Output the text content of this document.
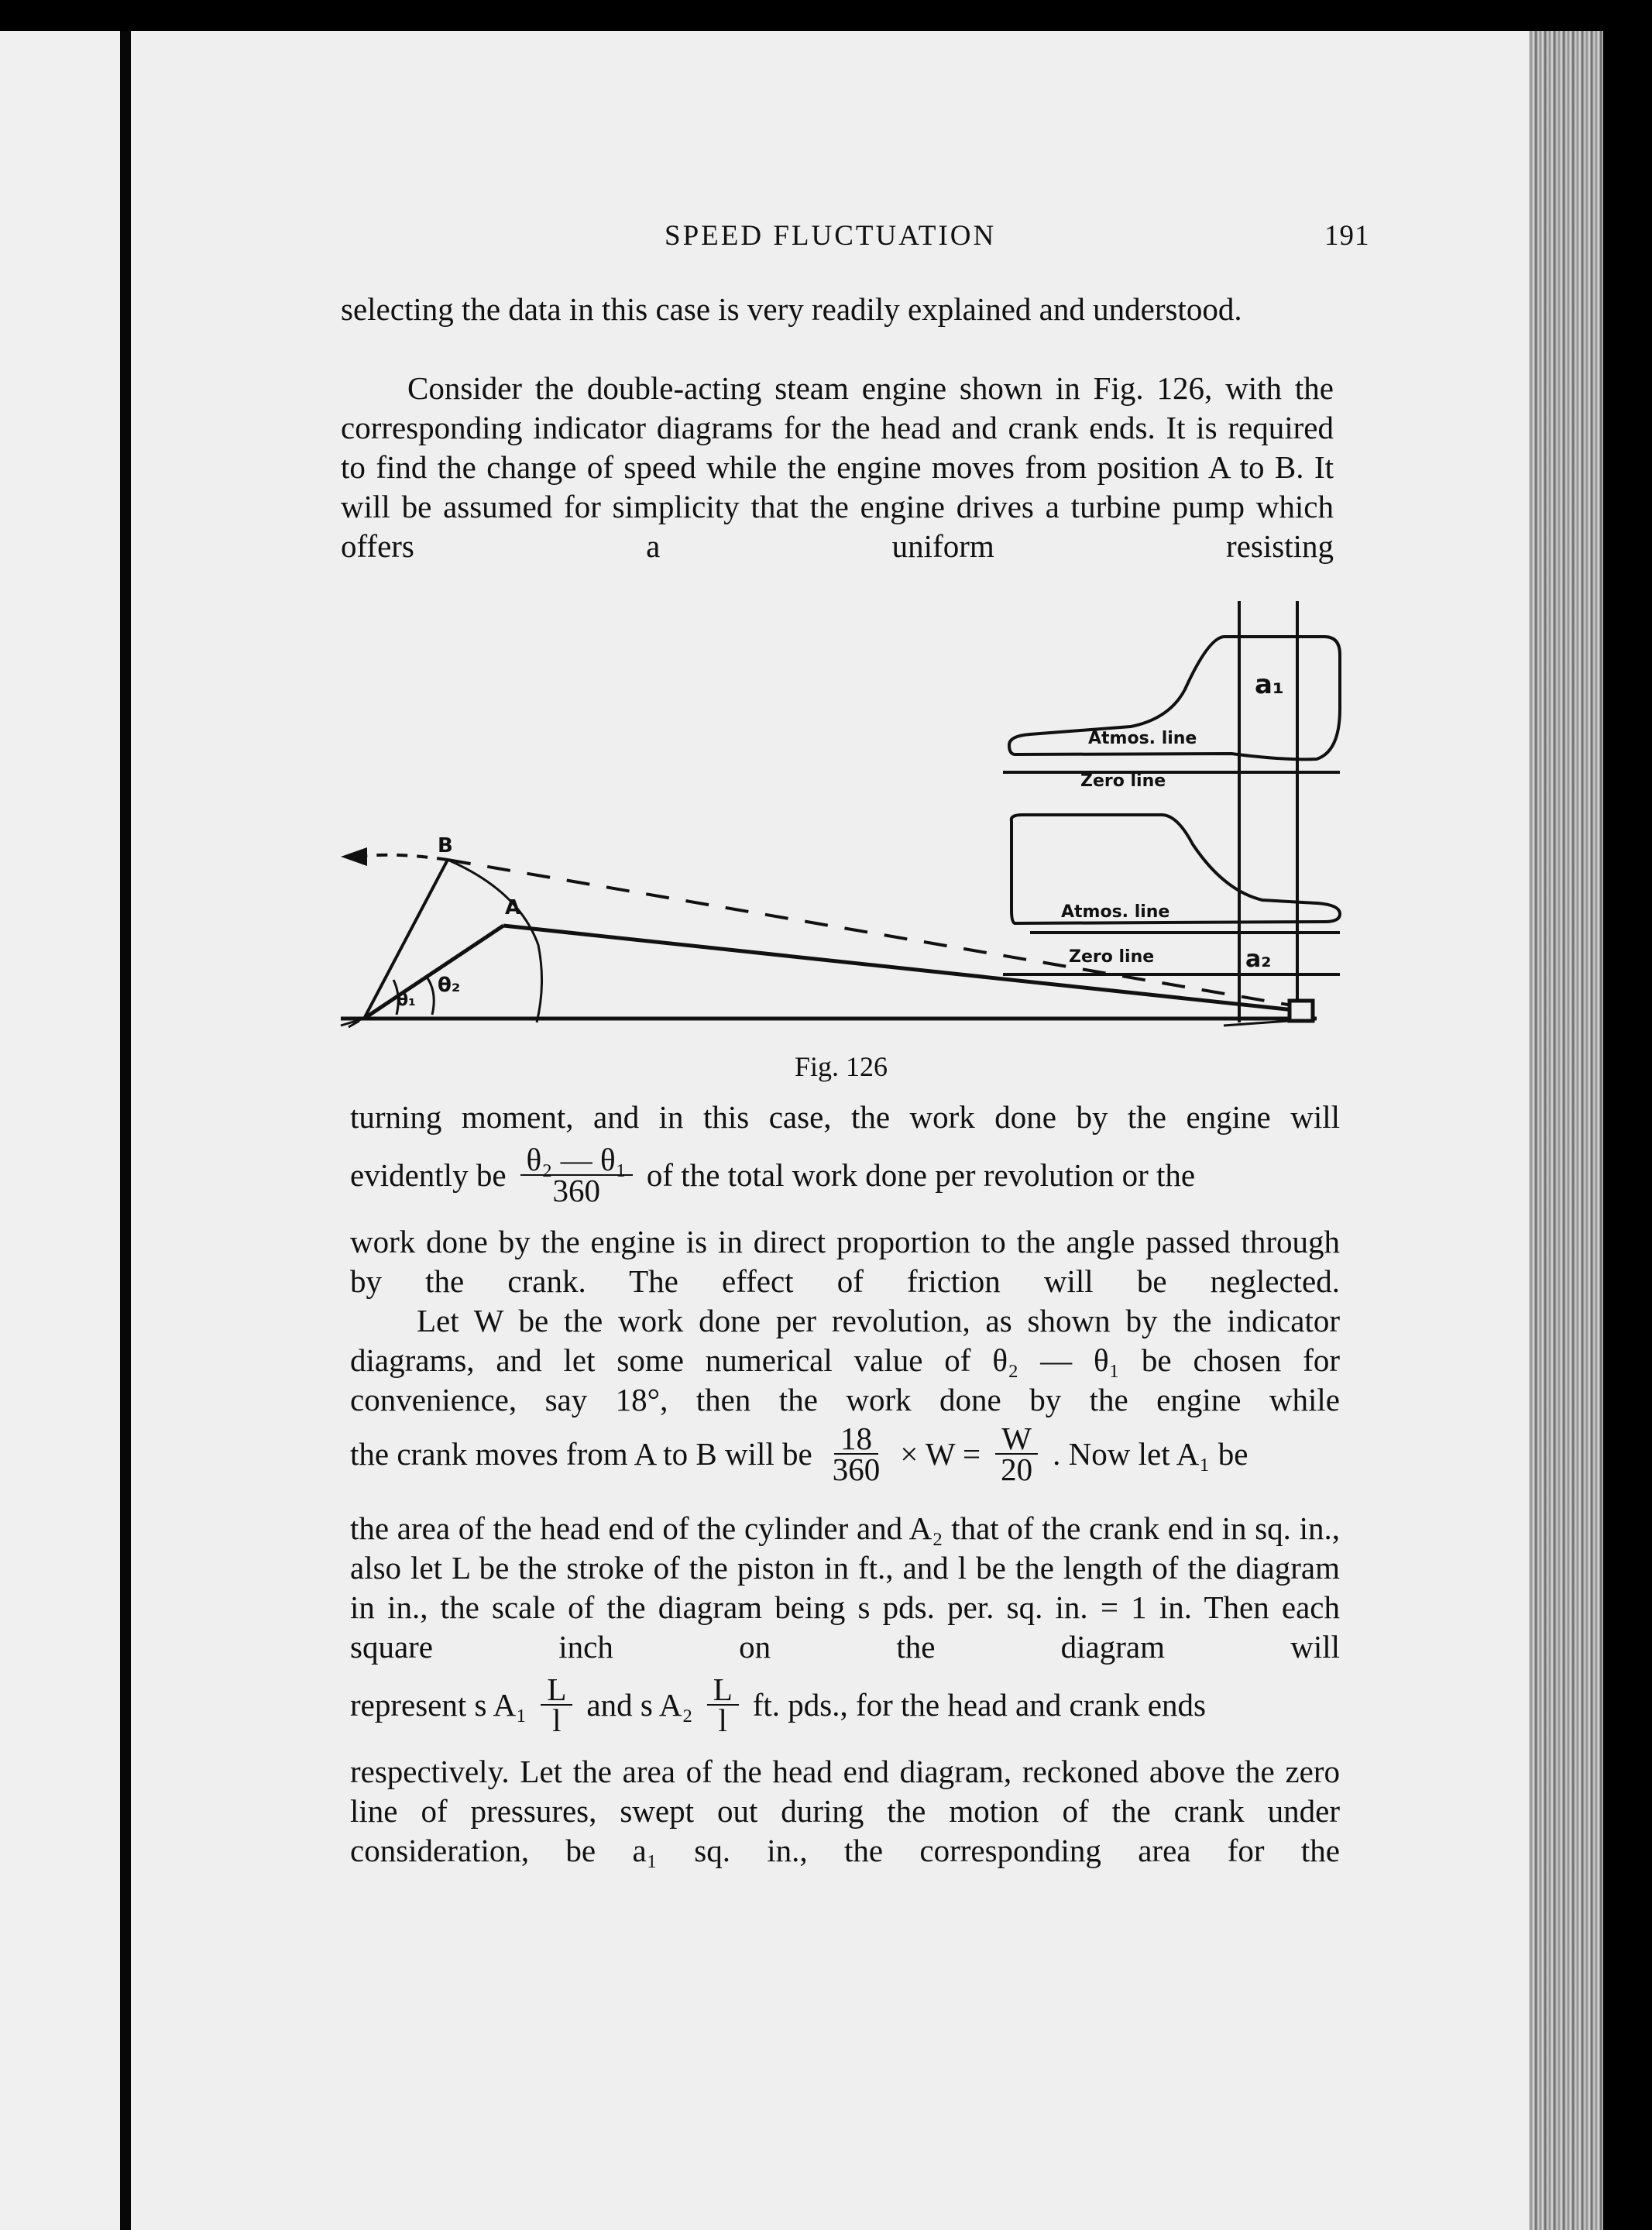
SPEED FLUCTUATION	191

selecting the data in this case is very readily explained and understood.

Consider the double-acting steam engine shown in Fig. 126, with the corresponding indicator diagrams for the head and crank ends. It is required to find the change of speed while the engine moves from position A to B. It will be assumed for simplicity that the engine drives a turbine pump which offers a uniform resisting

a₁
a₂
Atmos. line
Zero line
Atmos. line
Zero line
B
A
θ₁
θ₂
Fig. 126

turning moment, and in this case, the work done by the engine will

evidently be $\frac{\text{θ₂ — θ₁}}{360}$ of the total work done per revolution or the

work done by the engine is in direct proportion to the angle passed through by the crank. The effect of friction will be neglected.

Let W be the work done per revolution, as shown by the indicator diagrams, and let some numerical value of θ₂ — θ₁ be chosen for convenience, say 18°, then the work done by the engine while

the crank moves from A to B will be $\frac{18}{360} \times W = \frac{W}{20}$ . Now let A₁ be

the area of the head end of the cylinder and A₂ that of the crank end in sq. in., also let L be the stroke of the piston in ft., and l be the length of the diagram in in., the scale of the diagram being s pds. per. sq. in. = 1 in. Then each square inch on the diagram will

represent s $A_1 \frac{L}{l}$ and s $A_2 \frac{L}{l}$ ft. pds., for the head and crank ends

respectively. Let the area of the head end diagram, reckoned above the zero line of pressures, swept out during the motion of the crank under consideration, be a₁ sq. in., the corresponding area for the
